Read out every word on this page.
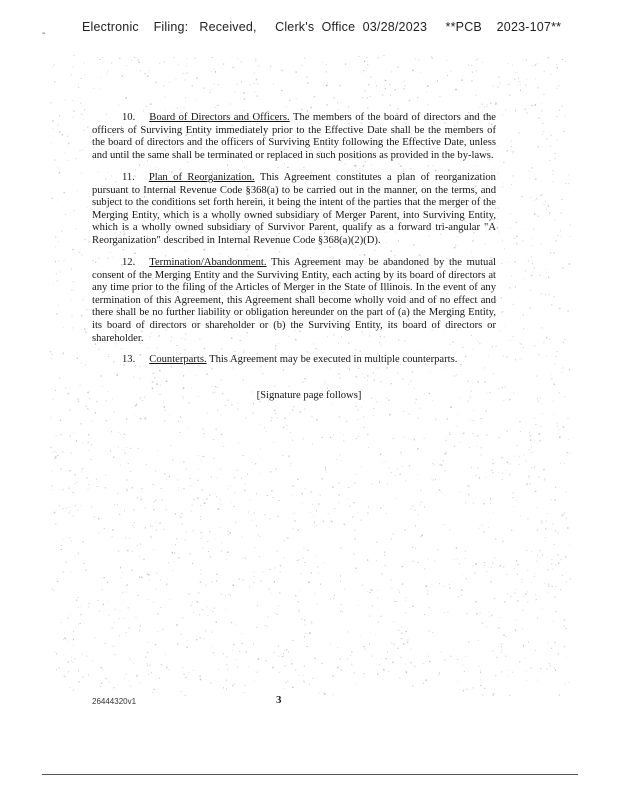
-	Electronic    Filing:   Received,     Clerk's  Office  03/28/2023     **PCB    2023-107**
10. Board of Directors and Officers. The members of the board of directors and the officers of Surviving Entity immediately prior to the Effective Date shall be the members of the board of directors and the officers of Surviving Entity following the Effective Date, unless and until the same shall be terminated or replaced in such positions as provided in the by-laws.
11. Plan of Reorganization. This Agreement constitutes a plan of reorganization pursuant to Internal Revenue Code §368(a) to be carried out in the manner, on the terms, and subject to the conditions set forth herein, it being the intent of the parties that the merger of the Merging Entity, which is a wholly owned subsidiary of Merger Parent, into Surviving Entity, which is a wholly owned subsidiary of Survivor Parent, qualify as a forward tri-angular "A Reorganization" described in Internal Revenue Code §368(a)(2)(D).
12. Termination/Abandonment. This Agreement may be abandoned by the mutual consent of the Merging Entity and the Surviving Entity, each acting by its board of directors at any time prior to the filing of the Articles of Merger in the State of Illinois. In the event of any termination of this Agreement, this Agreement shall become wholly void and of no effect and there shall be no further liability or obligation hereunder on the part of (a) the Merging Entity, its board of directors or shareholder or (b) the Surviving Entity, its board of directors or shareholder.
13. Counterparts. This Agreement may be executed in multiple counterparts.
[Signature page follows]
26444320v1	3
